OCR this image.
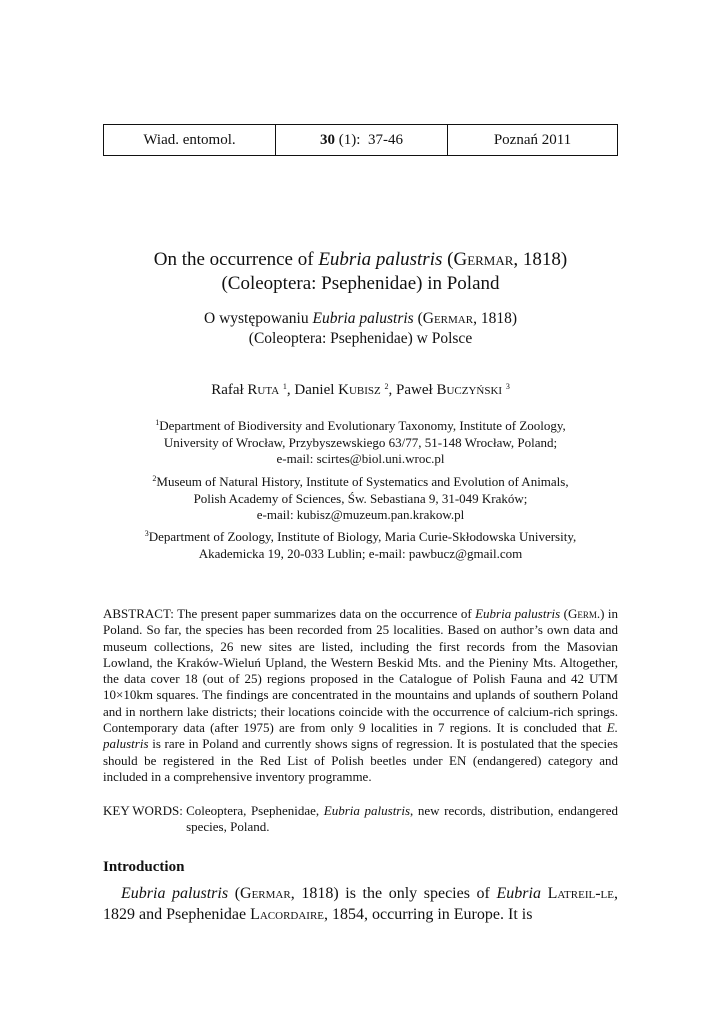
Wiad. entomol.	30 (1):  37-46	Poznań 2011
On the occurrence of Eubria palustris (Germar, 1818)
(Coleoptera: Psephenidae) in Poland
O występowaniu Eubria palustris (Germar, 1818)
(Coleoptera: Psephenidae) w Polsce
Rafał Ruta $^1$, Daniel Kubisz $^2$, Paweł Buczyński $^3$
$^1$Department of Biodiversity and Evolutionary Taxonomy, Institute of Zoology,
University of Wrocław, Przybyszewskiego 63/77, 51-148 Wrocław, Poland;
e-mail: scirtes@biol.uni.wroc.pl
$^2$Museum of Natural History, Institute of Systematics and Evolution of Animals,
Polish Academy of Sciences, Św. Sebastiana 9, 31-049 Kraków;
e-mail: kubisz@muzeum.pan.krakow.pl
$^3$Department of Zoology, Institute of Biology, Maria Curie-Skłodowska University,
Akademicka 19, 20-033 Lublin; e-mail: pawbucz@gmail.com
ABSTRACT: The present paper summarizes data on the occurrence of Eubria palustris (Germ.) in Poland. So far, the species has been recorded from 25 localities. Based on author’s own data and museum collections, 26 new sites are listed, including the first records from the Masovian Lowland, the Kraków-Wieluń Upland, the Western Beskid Mts. and the Pieniny Mts. Altogether, the data cover 18 (out of 25) regions proposed in the Catalogue of Polish Fauna and 42 UTM 10×10km squares. The findings are concentrated in the mountains and uplands of southern Poland and in northern lake districts; their locations coincide with the occurrence of calcium-rich springs. Contemporary data (after 1975) are from only 9 localities in 7 regions. It is concluded that E. palustris is rare in Poland and currently shows signs of regression. It is postulated that the species should be registered in the Red List of Polish beetles under EN (endangered) category and included in a comprehensive inventory programme.
KEY WORDS: Coleoptera, Psephenidae, Eubria palustris, new records, distribution, endangered species, Poland.
Introduction
Eubria palustris (Germar, 1818) is the only species of Eubria Latreil-le, 1829 and Psephenidae Lacordaire, 1854, occurring in Europe. It is
